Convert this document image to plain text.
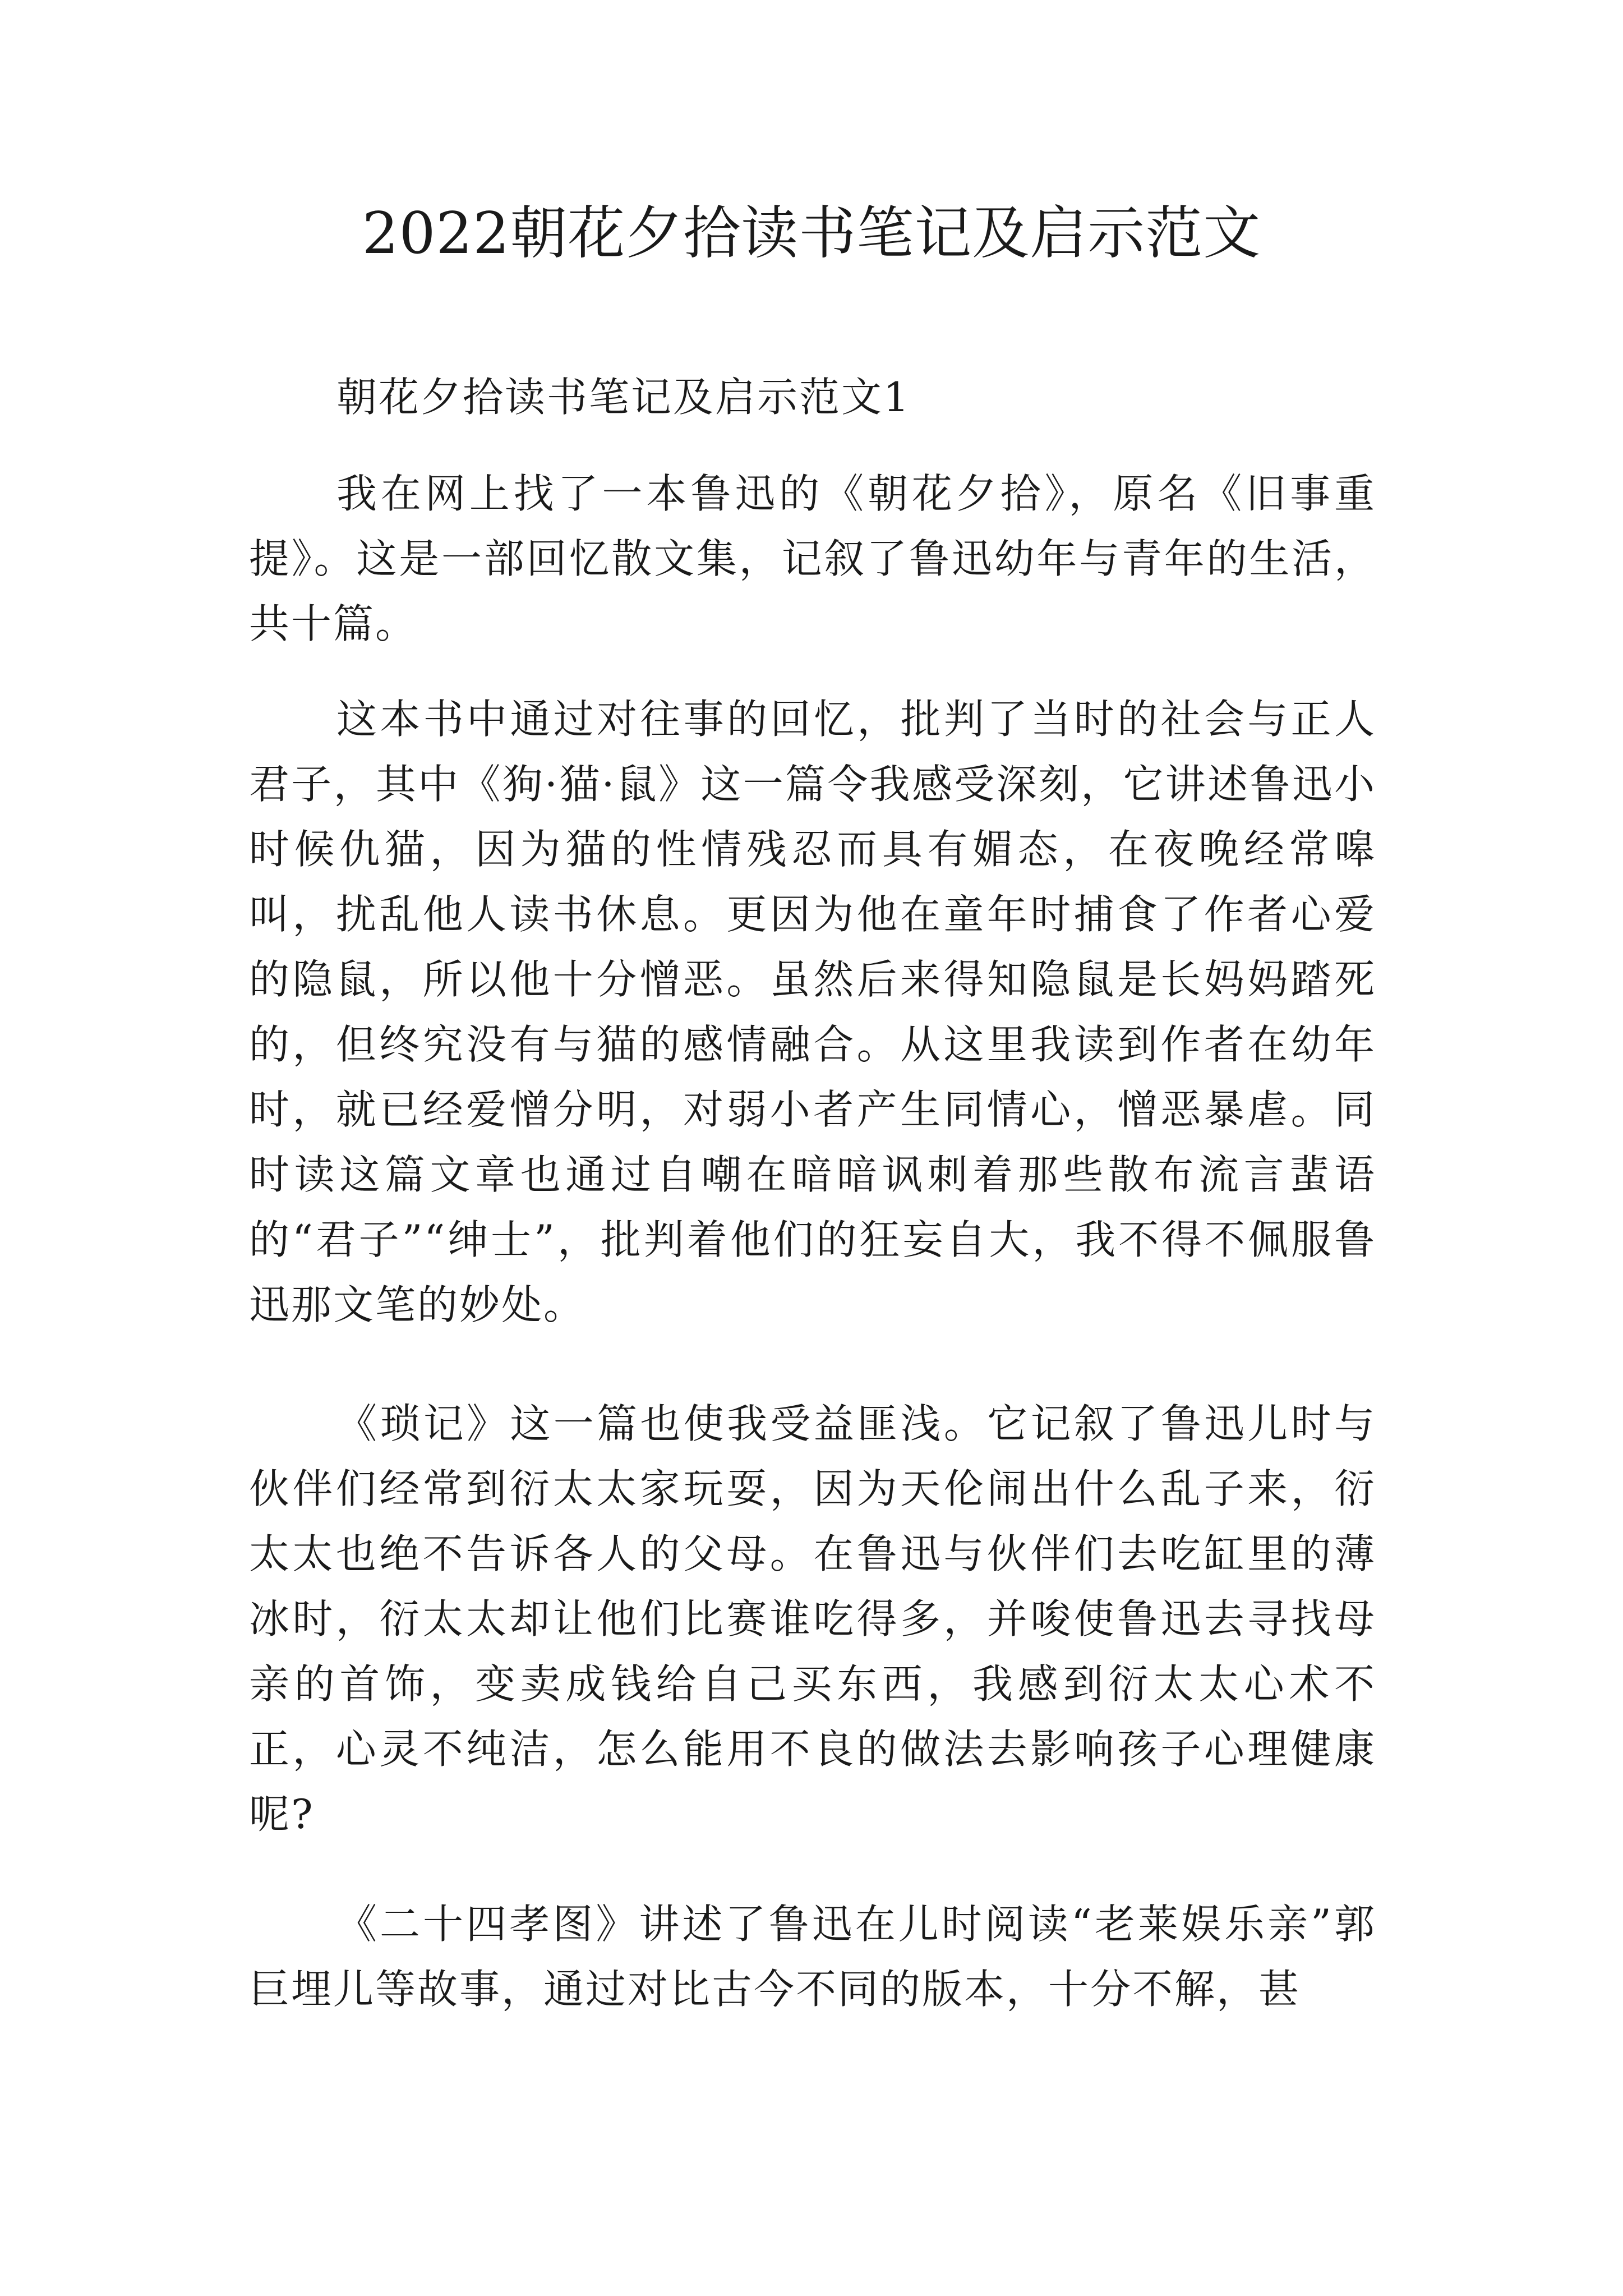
2022朝花夕拾读书笔记及启示范文

朝花夕拾读书笔记及启示范文1

我在网上找了一本鲁迅的《朝花夕拾》，原名《旧事重提》。这是一部回忆散文集，记叙了鲁迅幼年与青年的生活，共十篇。

这本书中通过对往事的回忆，批判了当时的社会与正人君子，其中《狗·猫·鼠》这一篇令我感受深刻，它讲述鲁迅小时候仇猫，因为猫的性情残忍而具有媚态，在夜晚经常嗥叫，扰乱他人读书休息。更因为他在童年时捕食了作者心爱的隐鼠，所以他十分憎恶。虽然后来得知隐鼠是长妈妈踏死的，但终究没有与猫的感情融合。从这里我读到作者在幼年时，就已经爱憎分明，对弱小者产生同情心，憎恶暴虐。同时读这篇文章也通过自嘲在暗暗讽刺着那些散布流言蜚语的“君子”“绅士”，批判着他们的狂妄自大，我不得不佩服鲁迅那文笔的妙处。

《琐记》这一篇也使我受益匪浅。它记叙了鲁迅儿时与伙伴们经常到衍太太家玩耍，因为天伦闹出什么乱子来，衍太太也绝不告诉各人的父母。在鲁迅与伙伴们去吃缸里的薄冰时，衍太太却让他们比赛谁吃得多，并唆使鲁迅去寻找母亲的首饰，变卖成钱给自己买东西，我感到衍太太心术不正，心灵不纯洁，怎么能用不良的做法去影响孩子心理健康呢?

《二十四孝图》讲述了鲁迅在儿时阅读“老莱娱乐亲”郭巨埋儿等故事，通过对比古今不同的版本，十分不解，甚
